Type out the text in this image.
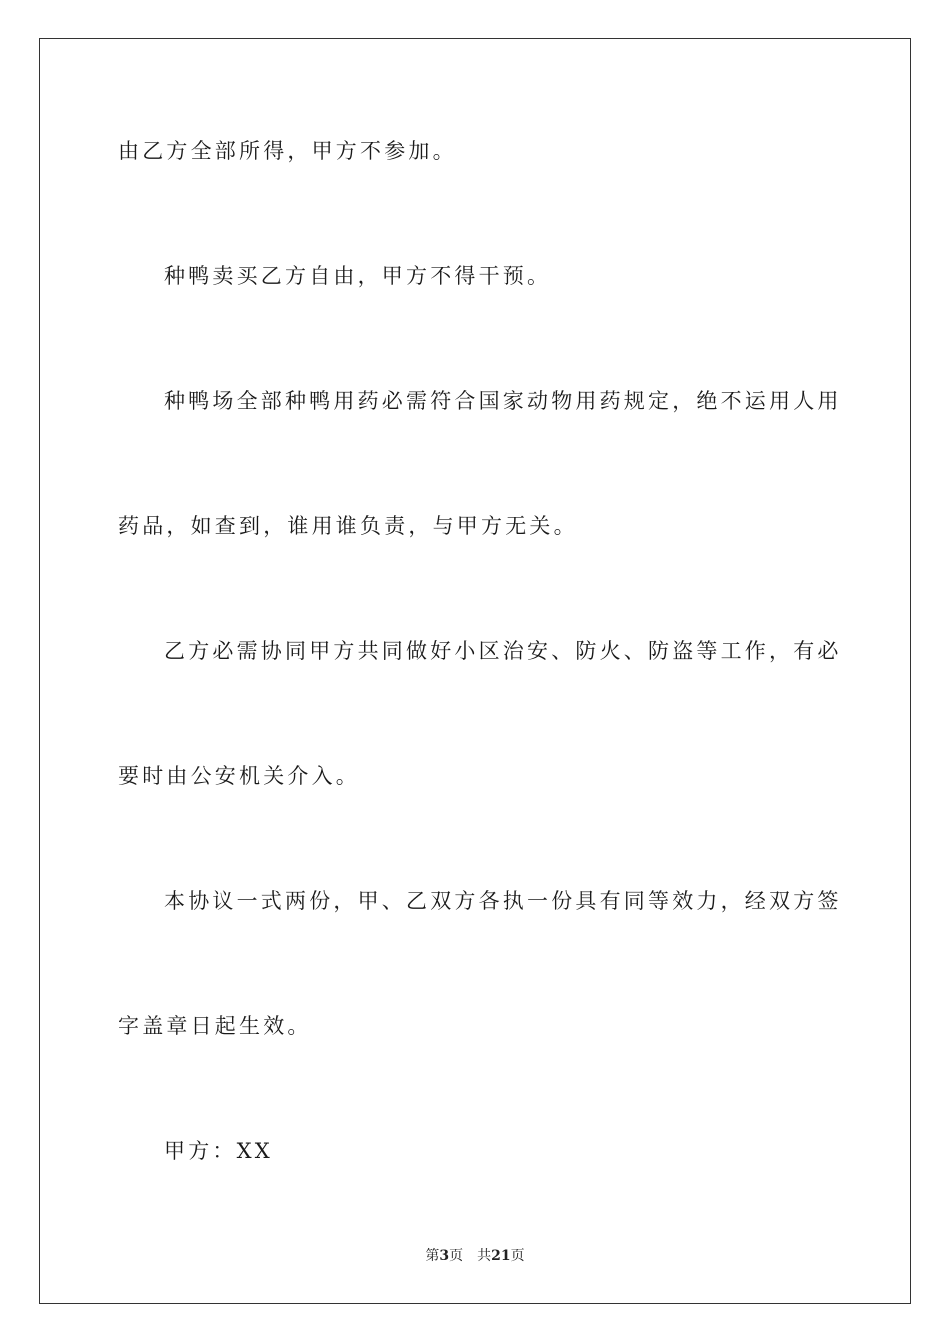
由乙方全部所得，甲方不参加。
种鸭卖买乙方自由，甲方不得干预。
种鸭场全部种鸭用药必需符合国家动物用药规定，绝不运用人用
药品，如查到，谁用谁负责，与甲方无关。
乙方必需协同甲方共同做好小区治安、防火、防盗等工作，有必
要时由公安机关介入。
本协议一式两份，甲、乙双方各执一份具有同等效力，经双方签
字盖章日起生效。
甲方：XX
第3页 共21页
